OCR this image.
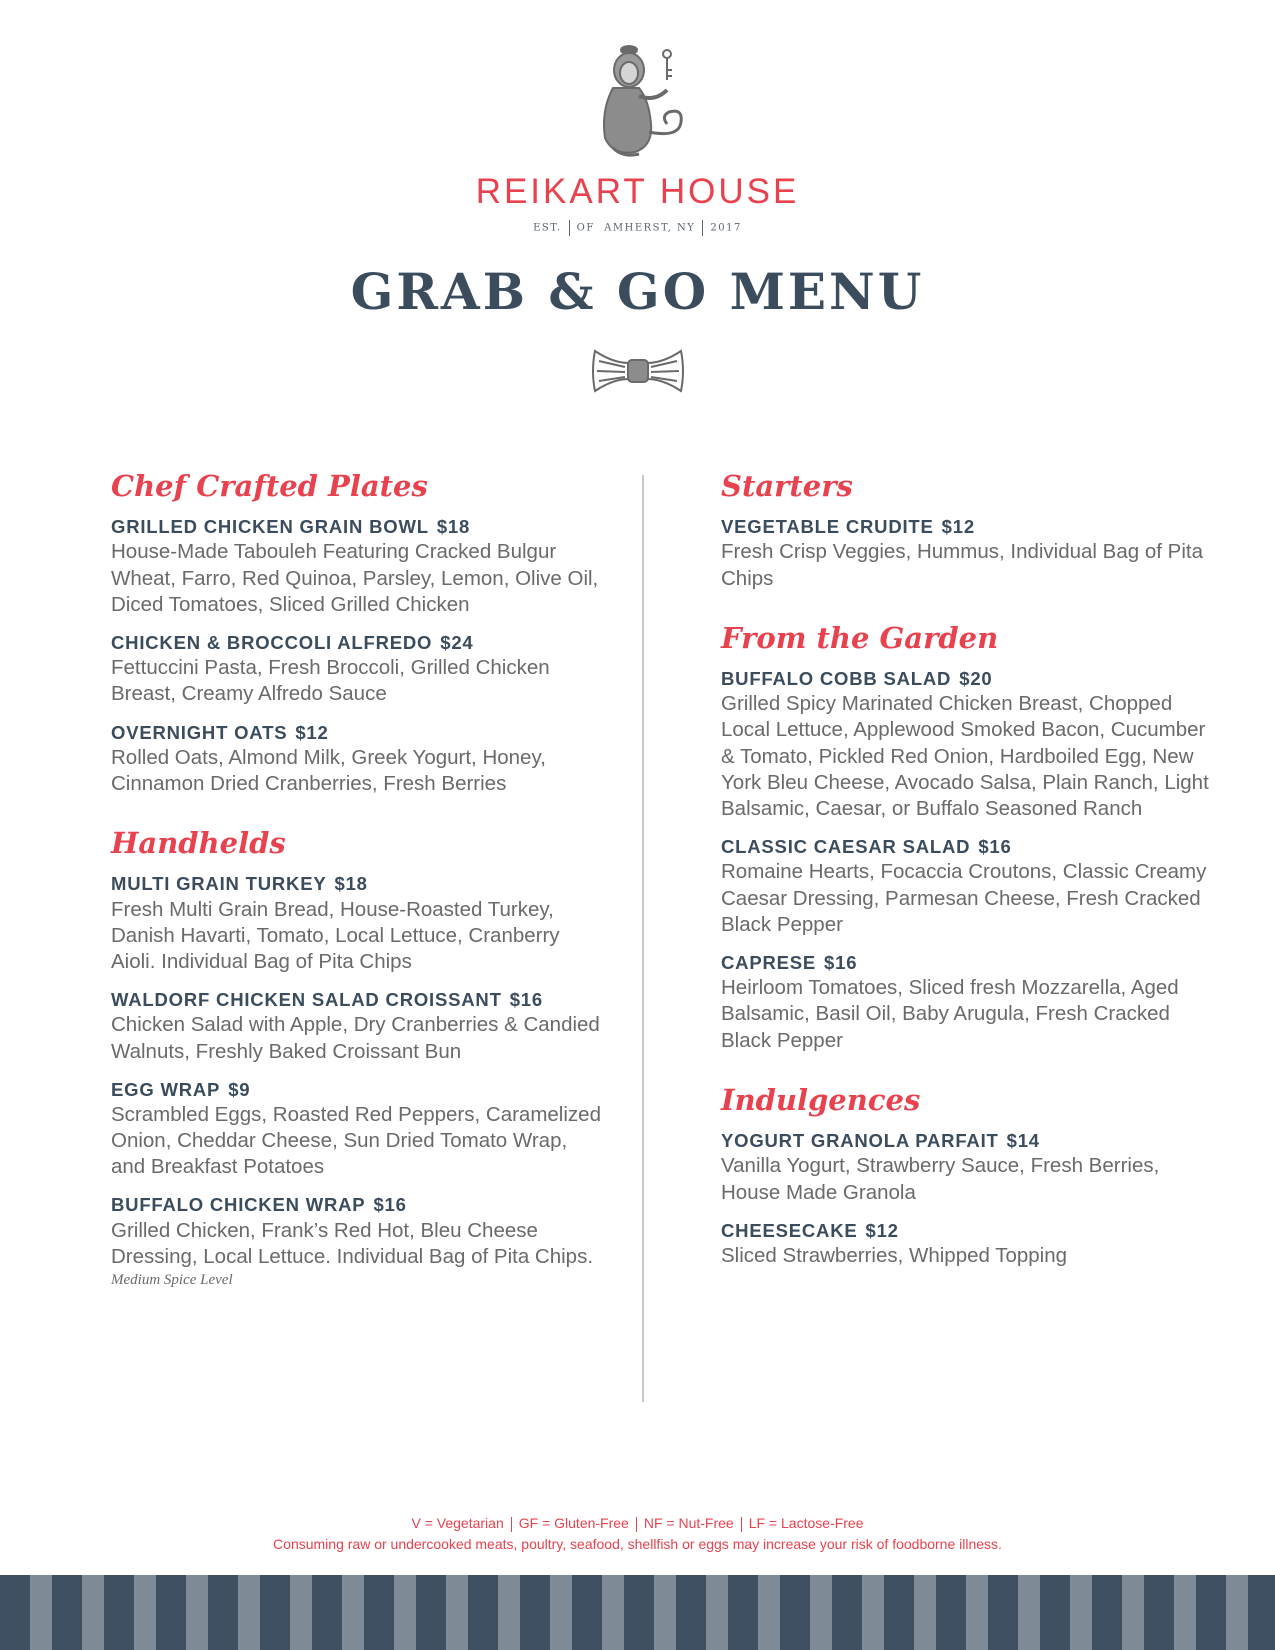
REIKART HOUSE
EST. OF AMHERST, NY 2017
GRAB & GO MENU
Chef Crafted Plates
GRILLED CHICKEN GRAIN BOWL $18
House-Made Tabouleh Featuring Cracked Bulgur Wheat, Farro, Red Quinoa, Parsley, Lemon, Olive Oil, Diced Tomatoes, Sliced Grilled Chicken
CHICKEN & BROCCOLI ALFREDO $24
Fettuccini Pasta, Fresh Broccoli, Grilled Chicken Breast, Creamy Alfredo Sauce
OVERNIGHT OATS $12
Rolled Oats, Almond Milk, Greek Yogurt, Honey, Cinnamon Dried Cranberries, Fresh Berries
Handhelds
MULTI GRAIN TURKEY $18
Fresh Multi Grain Bread, House-Roasted Turkey, Danish Havarti, Tomato, Local Lettuce, Cranberry Aioli. Individual Bag of Pita Chips
WALDORF CHICKEN SALAD CROISSANT $16
Chicken Salad with Apple, Dry Cranberries & Candied Walnuts, Freshly Baked Croissant Bun
EGG WRAP $9
Scrambled Eggs, Roasted Red Peppers, Caramelized Onion, Cheddar Cheese, Sun Dried Tomato Wrap, and Breakfast Potatoes
BUFFALO CHICKEN WRAP $16
Grilled Chicken, Frank’s Red Hot, Bleu Cheese Dressing, Local Lettuce. Individual Bag of Pita Chips.
Medium Spice Level
Starters
VEGETABLE CRUDITE $12
Fresh Crisp Veggies, Hummus, Individual Bag of Pita Chips
From the Garden
BUFFALO COBB SALAD $20
Grilled Spicy Marinated Chicken Breast, Chopped Local Lettuce, Applewood Smoked Bacon, Cucumber & Tomato, Pickled Red Onion, Hardboiled Egg, New York Bleu Cheese, Avocado Salsa, Plain Ranch, Light Balsamic, Caesar, or Buffalo Seasoned Ranch
CLASSIC CAESAR SALAD $16
Romaine Hearts, Focaccia Croutons, Classic Creamy Caesar Dressing, Parmesan Cheese, Fresh Cracked Black Pepper
CAPRESE $16
Heirloom Tomatoes, Sliced fresh Mozzarella, Aged Balsamic, Basil Oil, Baby Arugula, Fresh Cracked Black Pepper
Indulgences
YOGURT GRANOLA PARFAIT $14
Vanilla Yogurt, Strawberry Sauce, Fresh Berries, House Made Granola
CHEESECAKE $12
Sliced Strawberries, Whipped Topping
V = Vegetarian GF = Gluten-Free NF = Nut-Free LF = Lactose-Free
Consuming raw or undercooked meats, poultry, seafood, shellfish or eggs may increase your risk of foodborne illness.
